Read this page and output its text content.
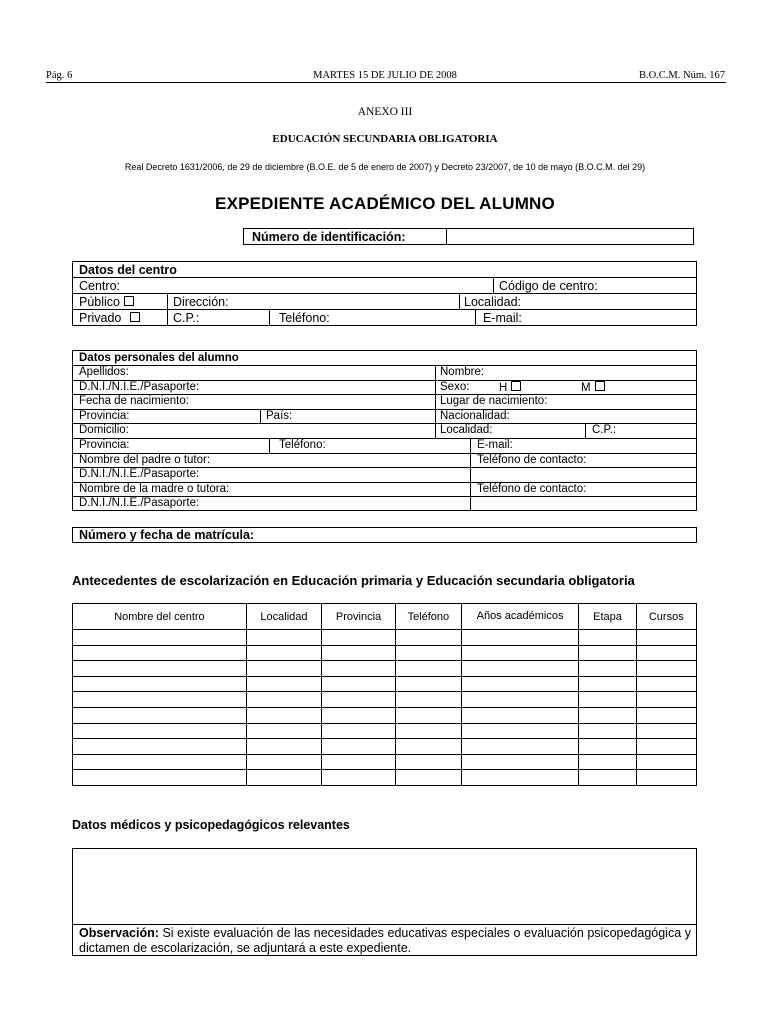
Pág. 6	MARTES 15 DE JULIO DE 2008	B.O.C.M. Núm. 167
ANEXO III
EDUCACIÓN SECUNDARIA OBLIGATORIA
Real Decreto 1631/2006, de 29 de diciembre (B.O.E. de 5 de enero de 2007) y Decreto 23/2007, de 10 de mayo (B.O.C.M. del 29)
EXPEDIENTE ACADÉMICO DEL ALUMNO
Número de identificación:
Datos del centro
Centro:	Código de centro:
Público	Dirección:	Localidad:
Privado	C.P.:	Teléfono:	E-mail:
Datos personales del alumno
Apellidos:	Nombre:
D.N.I./N.I.E./Pasaporte:	Sexo:	H	M
Fecha de nacimiento:	Lugar de nacimiento:
Provincia:	País:	Nacionalidad:
Domicilio:	Localidad:	C.P.:
Provincia:	Teléfono:	E-mail:
Nombre del padre o tutor:	Teléfono de contacto:
D.N.I./N.I.E./Pasaporte:
Nombre de la madre o tutora:	Teléfono de contacto:
D.N.I./N.I.E./Pasaporte:
Número y fecha de matrícula:
Antecedentes de escolarización en Educación primaria y Educación secundaria obligatoria
Nombre del centro	Localidad	Provincia	Teléfono	Años académicos	Etapa	Cursos

Datos médicos y psicopedagógicos relevantes
Observación: Si existe evaluación de las necesidades educativas especiales o evaluación psicopedagógica y dictamen de escolarización, se adjuntará a este expediente.
